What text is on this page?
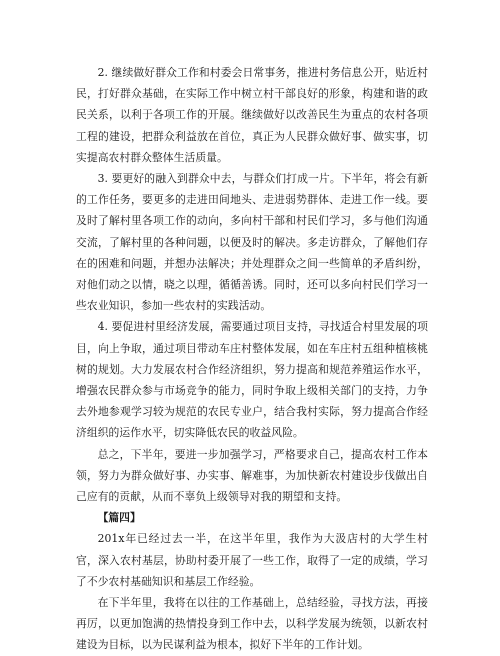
2. 继续做好群众工作和村委会日常事务，推进村务信息公开，贴近村民，打好群众基础，在实际工作中树立村干部良好的形象，构建和谐的政民关系，以利于各项工作的开展。继续做好以改善民生为重点的农村各项工程的建设，把群众利益放在首位，真正为人民群众做好事、做实事，切实提高农村群众整体生活质量。

3. 要更好的融入到群众中去，与群众们打成一片。下半年，将会有新的工作任务，要更多的走进田间地头、走进弱势群体、走进工作一线。要及时了解村里各项工作的动向，多向村干部和村民们学习，多与他们沟通交流，了解村里的各种问题，以便及时的解决。多走访群众，了解他们存在的困难和问题，并想办法解决；并处理群众之间一些简单的矛盾纠纷，对他们动之以情，晓之以理，循循善诱。同时，还可以多向村民们学习一些农业知识，参加一些农村的实践活动。

4. 要促进村里经济发展，需要通过项目支持，寻找适合村里发展的项目，向上争取，通过项目带动车庄村整体发展，如在车庄村五组种植核桃树的规划。大力发展农村合作经济组织，努力提高和规范养殖运作水平，增强农民群众参与市场竞争的能力，同时争取上级相关部门的支持，力争去外地参观学习较为规范的农民专业户，结合我村实际，努力提高合作经济组织的运作水平，切实降低农民的收益风险。

总之，下半年，要进一步加强学习，严格要求自己，提高农村工作本领，努力为群众做好事、办实事、解难事，为加快新农村建设步伐做出自己应有的贡献，从而不辜负上级领导对我的期望和支持。

【篇四】

201x年已经过去一半，在这半年里，我作为大汲店村的大学生村官，深入农村基层，协助村委开展了一些工作，取得了一定的成绩，学习了不少农村基础知识和基层工作经验。

在下半年里，我将在以往的工作基础上，总结经验，寻找方法，再接再厉，以更加饱满的热情投身到工作中去，以科学发展为统领，以新农村建设为目标，以为民谋利益为根本，拟好下半年的工作计划。
